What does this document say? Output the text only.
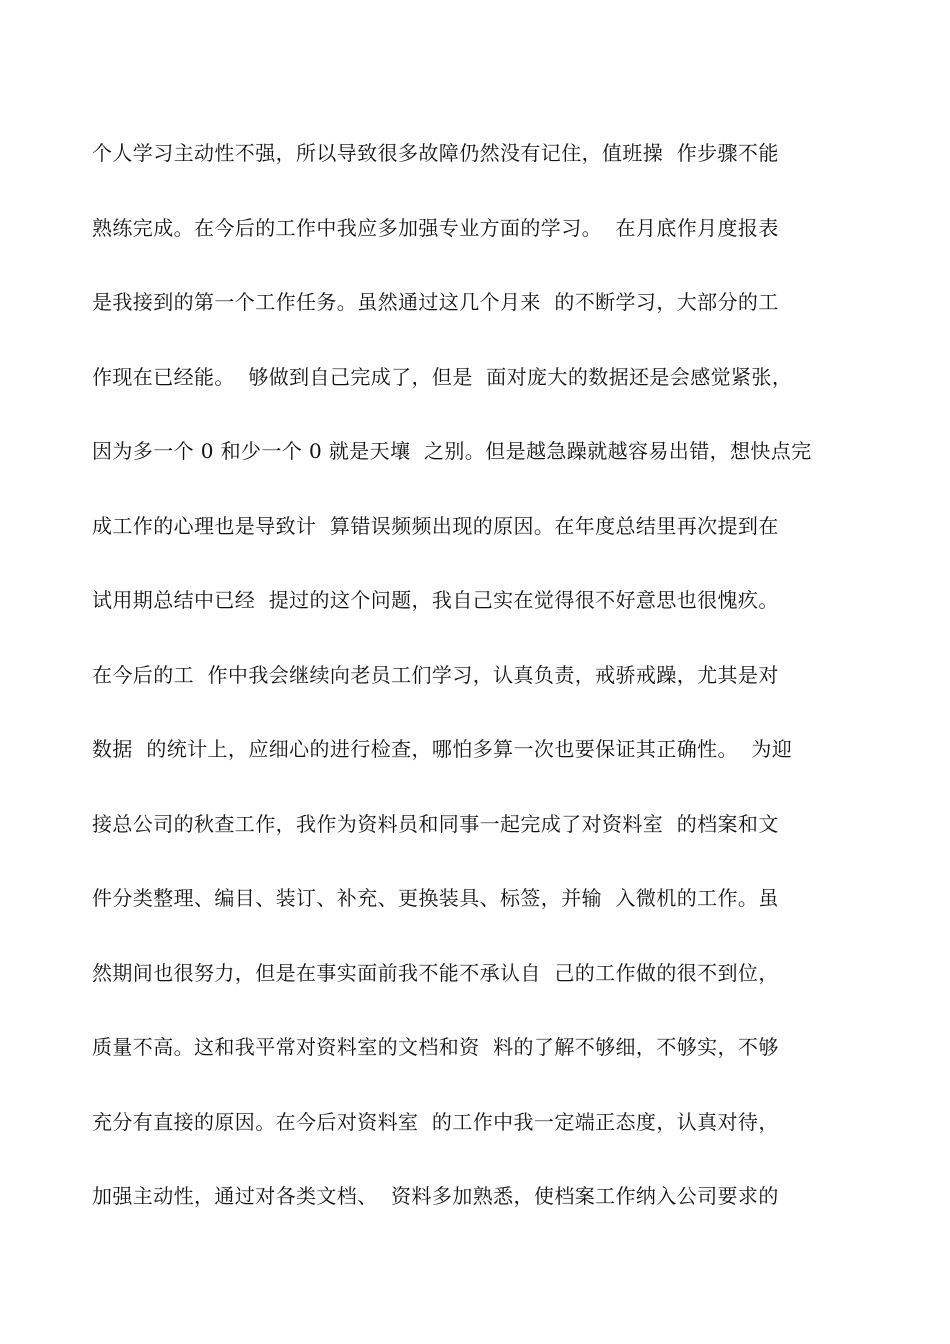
个人学习主动性不强，所以导致很多故障仍然没有记住，值班操  作步骤不能
熟练完成。在今后的工作中我应多加强专业方面的学习。  在月底作月度报表
是我接到的第一个工作任务。虽然通过这几个月来  的不断学习，大部分的工
作现在已经能。  够做到自己完成了，但是  面对庞大的数据还是会感觉紧张，
因为多一个 0 和少一个 0 就是天壤  之别。但是越急躁就越容易出错，想快点完
成工作的心理也是导致计  算错误频频出现的原因。在年度总结里再次提到在
试用期总结中已经  提过的这个问题，我自己实在觉得很不好意思也很愧疚。
在今后的工  作中我会继续向老员工们学习，认真负责，戒骄戒躁，尤其是对
数据  的统计上，应细心的进行检查，哪怕多算一次也要保证其正确性。  为迎
接总公司的秋查工作，我作为资料员和同事一起完成了对资料室  的档案和文
件分类整理、编目、装订、补充、更换装具、标签，并输  入微机的工作。虽
然期间也很努力，但是在事实面前我不能不承认自  己的工作做的很不到位，
质量不高。这和我平常对资料室的文档和资  料的了解不够细，不够实，不够
充分有直接的原因。在今后对资料室  的工作中我一定端正态度，认真对待，
加强主动性，通过对各类文档、  资料多加熟悉，使档案工作纳入公司要求的
